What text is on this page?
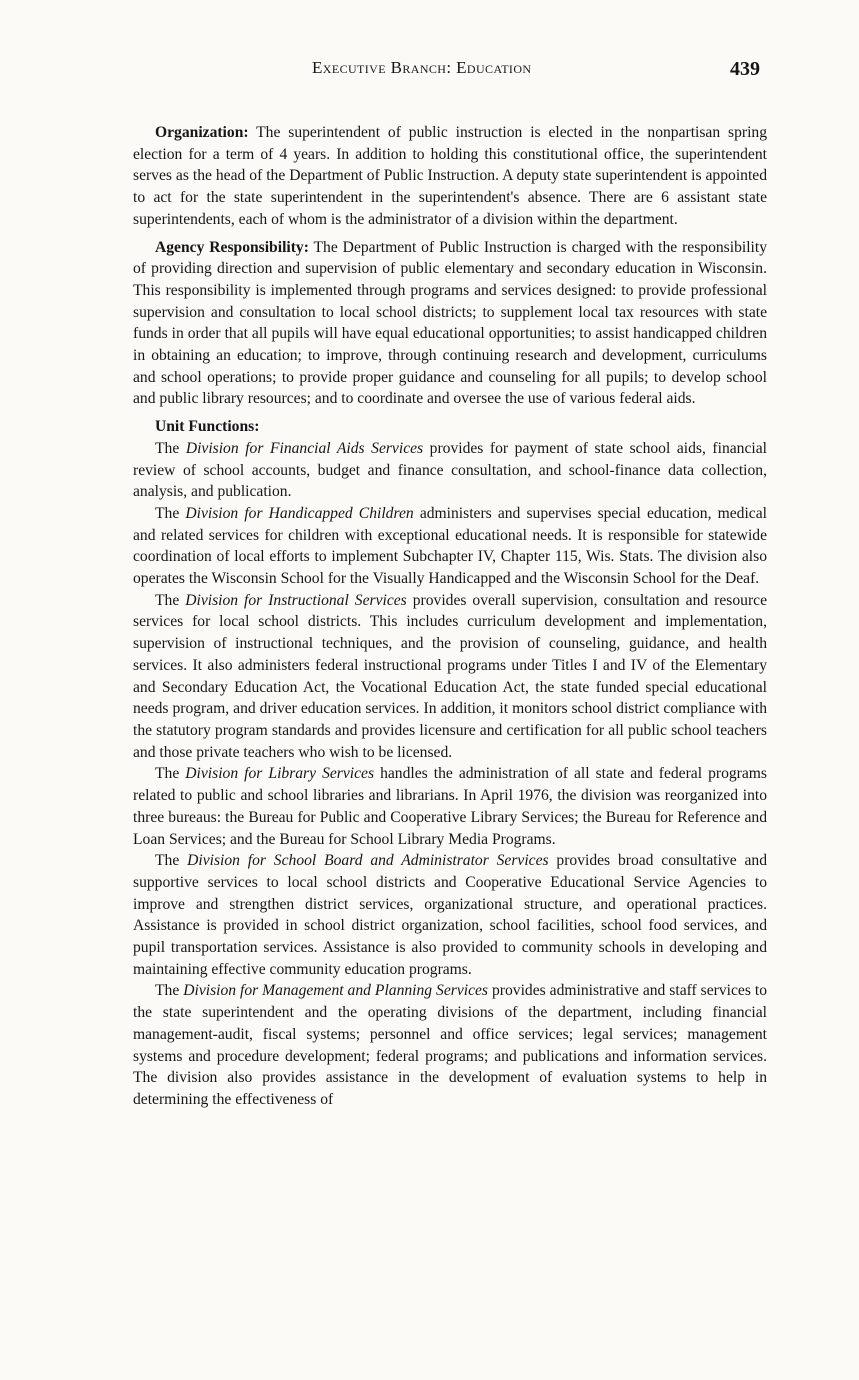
Executive Branch: Education	439

Organization: The superintendent of public instruction is elected in the nonpartisan spring election for a term of 4 years. In addition to holding this constitutional office, the superintendent serves as the head of the Department of Public Instruction. A deputy state superintendent is appointed to act for the state superintendent in the superintendent's absence. There are 6 assistant state superintendents, each of whom is the administrator of a division within the department.

Agency Responsibility: The Department of Public Instruction is charged with the responsibility of providing direction and supervision of public elementary and secondary education in Wisconsin. This responsibility is implemented through programs and services designed: to provide professional supervision and consultation to local school districts; to supplement local tax resources with state funds in order that all pupils will have equal educational opportunities; to assist handicapped children in obtaining an education; to improve, through continuing research and development, curriculums and school operations; to provide proper guidance and counseling for all pupils; to develop school and public library resources; and to coordinate and oversee the use of various federal aids.

Unit Functions:

The Division for Financial Aids Services provides for payment of state school aids, financial review of school accounts, budget and finance consultation, and school-finance data collection, analysis, and publication.

The Division for Handicapped Children administers and supervises special education, medical and related services for children with exceptional educational needs. It is responsible for statewide coordination of local efforts to implement Subchapter IV, Chapter 115, Wis. Stats. The division also operates the Wisconsin School for the Visually Handicapped and the Wisconsin School for the Deaf.

The Division for Instructional Services provides overall supervision, consultation and resource services for local school districts. This includes curriculum development and implementation, supervision of instructional techniques, and the provision of counseling, guidance, and health services. It also administers federal instructional programs under Titles I and IV of the Elementary and Secondary Education Act, the Vocational Education Act, the state funded special educational needs program, and driver education services. In addition, it monitors school district compliance with the statutory program standards and provides licensure and certification for all public school teachers and those private teachers who wish to be licensed.

The Division for Library Services handles the administration of all state and federal programs related to public and school libraries and librarians. In April 1976, the division was reorganized into three bureaus: the Bureau for Public and Cooperative Library Services; the Bureau for Reference and Loan Services; and the Bureau for School Library Media Programs.

The Division for School Board and Administrator Services provides broad consultative and supportive services to local school districts and Cooperative Educational Service Agencies to improve and strengthen district services, organizational structure, and operational practices. Assistance is provided in school district organization, school facilities, school food services, and pupil transportation services. Assistance is also provided to community schools in developing and maintaining effective community education programs.

The Division for Management and Planning Services provides administrative and staff services to the state superintendent and the operating divisions of the department, including financial management-audit, fiscal systems; personnel and office services; legal services; management systems and procedure development; federal programs; and publications and information services. The division also provides assistance in the development of evaluation systems to help in determining the effectiveness of
